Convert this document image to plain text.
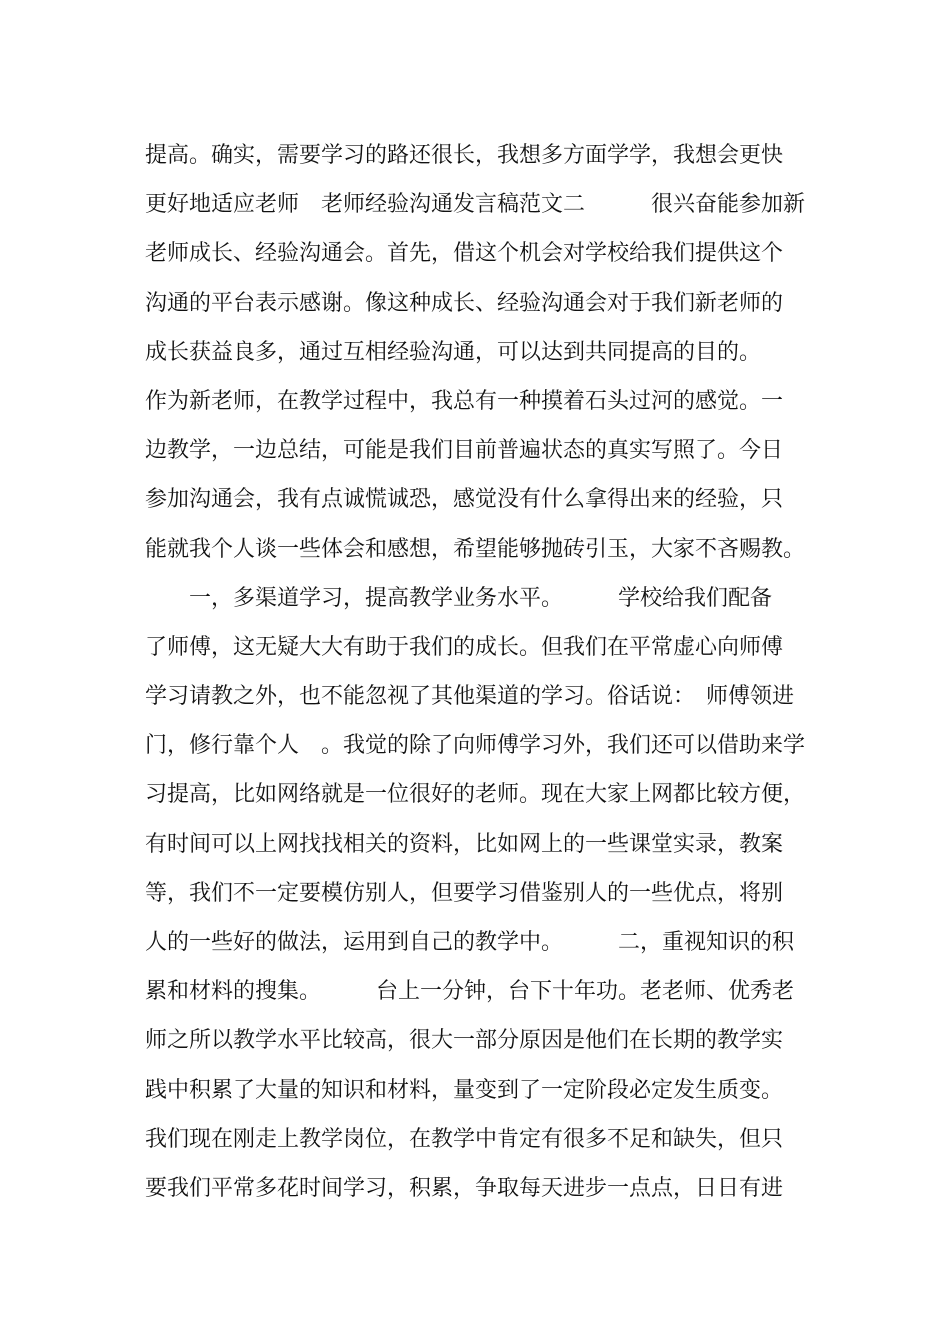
提高。确实，需要学习的路还很长，我想多方面学学，我想会更快
更好地适应老师　老师经验沟通发言稿范文二　　　很兴奋能参加新
老师成长、经验沟通会。首先，借这个机会对学校给我们提供这个
沟通的平台表示感谢。像这种成长、经验沟通会对于我们新老师的
成长获益良多，通过互相经验沟通，可以达到共同提高的目的。
作为新老师，在教学过程中，我总有一种摸着石头过河的感觉。一
边教学，一边总结，可能是我们目前普遍状态的真实写照了。今日
参加沟通会，我有点诚慌诚恐，感觉没有什么拿得出来的经验，只
能就我个人谈一些体会和感想，希望能够抛砖引玉，大家不吝赐教。
　　一，多渠道学习，提高教学业务水平。　　　学校给我们配备
了师傅，这无疑大大有助于我们的成长。但我们在平常虚心向师傅
学习请教之外，也不能忽视了其他渠道的学习。俗话说：　师傅领进
门，修行靠个人　。我觉的除了向师傅学习外，我们还可以借助来学
习提高，比如网络就是一位很好的老师。现在大家上网都比较方便，
有时间可以上网找找相关的资料，比如网上的一些课堂实录，教案
等，我们不一定要模仿别人，但要学习借鉴别人的一些优点，将别
人的一些好的做法，运用到自己的教学中。　　　二，重视知识的积
累和材料的搜集。　　　台上一分钟，台下十年功。老老师、优秀老
师之所以教学水平比较高，很大一部分原因是他们在长期的教学实
践中积累了大量的知识和材料，量变到了一定阶段必定发生质变。
我们现在刚走上教学岗位，在教学中肯定有很多不足和缺失，但只
要我们平常多花时间学习，积累，争取每天进步一点点，日日有进
